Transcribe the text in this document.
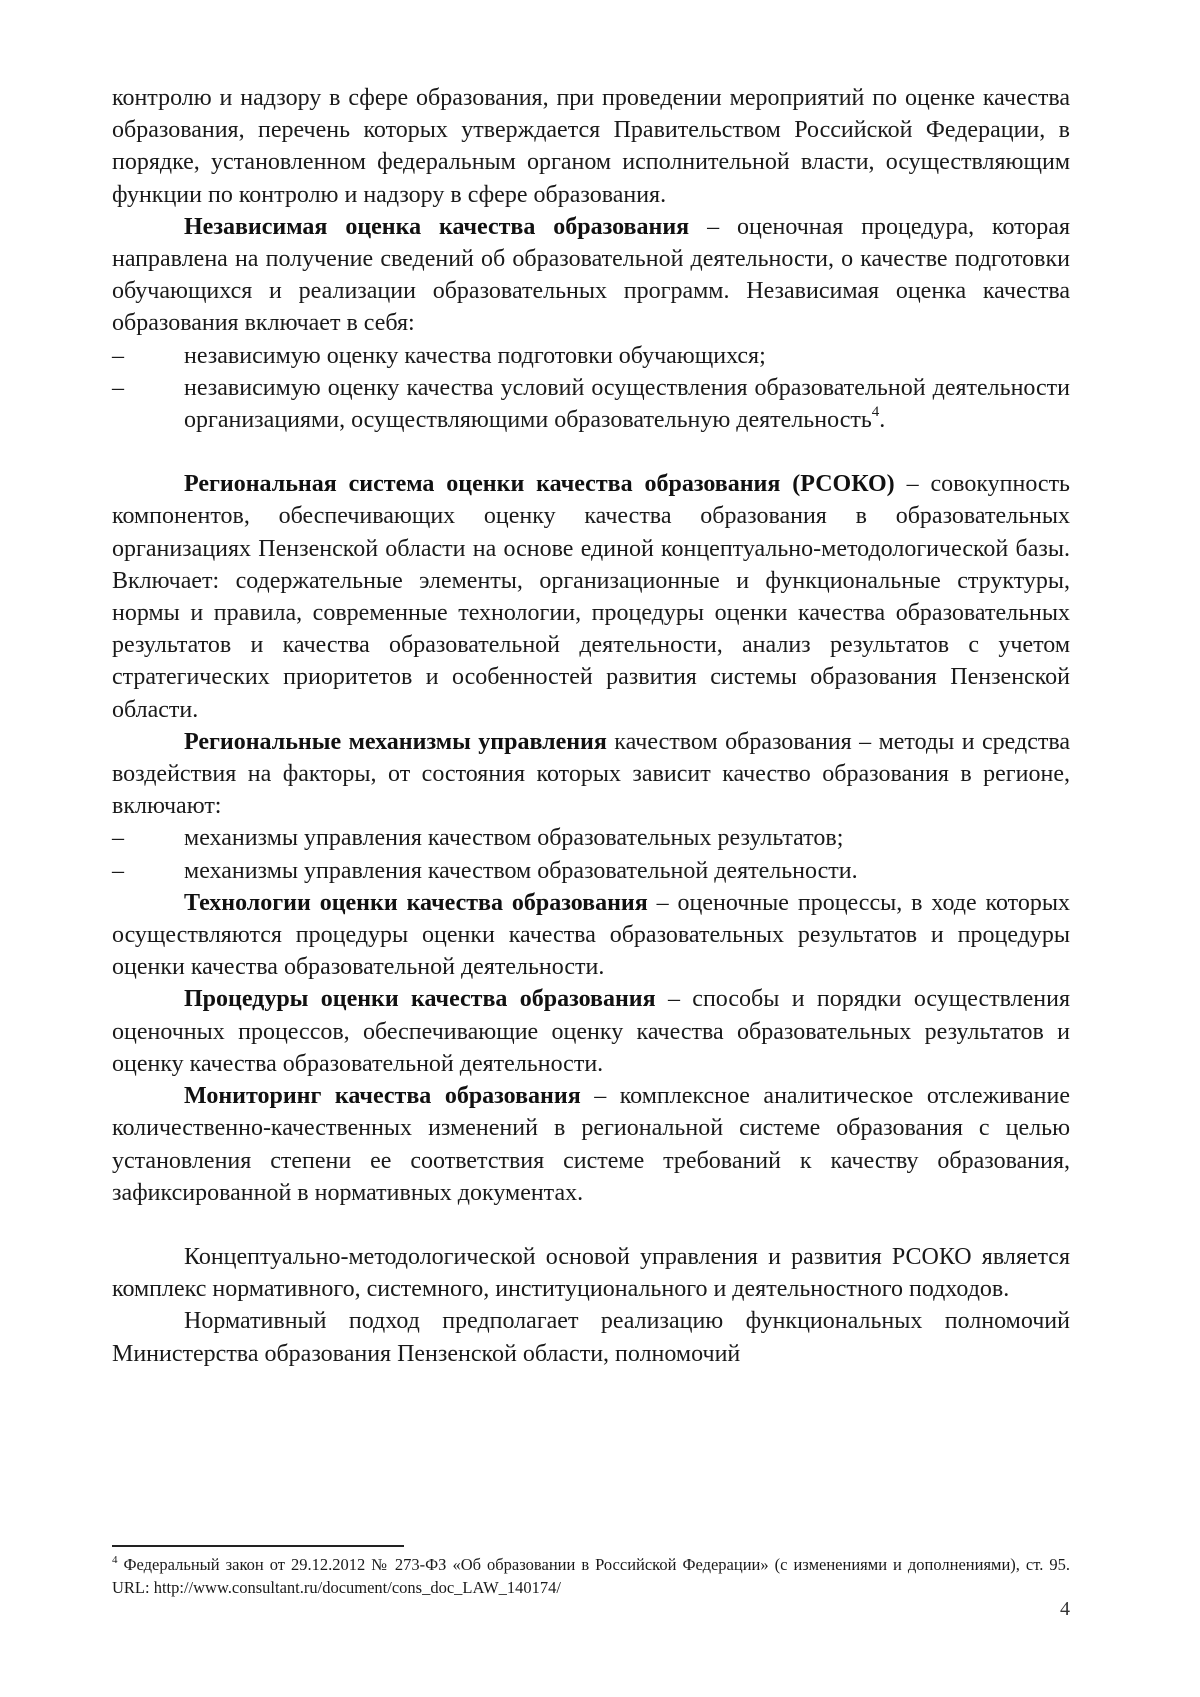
контролю и надзору в сфере образования, при проведении мероприятий по оценке качества образования, перечень которых утверждается Правительством Российской Федерации, в порядке, установленном федеральным органом исполнительной власти, осуществляющим функции по контролю и надзору в сфере образования.

Независимая оценка качества образования – оценочная процедура, которая направлена на получение сведений об образовательной деятельности, о качестве подготовки обучающихся и реализации образовательных программ. Независимая оценка качества образования включает в себя:

–	независимую оценку качества подготовки обучающихся;

–	независимую оценку качества условий осуществления образовательной деятельности организациями, осуществляющими образовательную деятельность$^4$.

Региональная система оценки качества образования (РСОКО) – совокупность компонентов, обеспечивающих оценку качества образования в образовательных организациях Пензенской области на основе единой концептуально-методологической базы. Включает: содержательные элементы, организационные и функциональные структуры, нормы и правила, современные технологии, процедуры оценки качества образовательных результатов и качества образовательной деятельности, анализ результатов с учетом стратегических приоритетов и особенностей развития системы образования Пензенской области.

Региональные механизмы управления качеством образования – методы и средства воздействия на факторы, от состояния которых зависит качество образования в регионе, включают:

–	механизмы управления качеством образовательных результатов;

–	механизмы управления качеством образовательной деятельности.

Технологии оценки качества образования – оценочные процессы, в ходе которых осуществляются процедуры оценки качества образовательных результатов и процедуры оценки качества образовательной деятельности.

Процедуры оценки качества образования – способы и порядки осуществления оценочных процессов, обеспечивающие оценку качества образовательных результатов и оценку качества образовательной деятельности.

Мониторинг качества образования – комплексное аналитическое отслеживание количественно-качественных изменений в региональной системе образования с целью установления степени ее соответствия системе требований к качеству образования, зафиксированной в нормативных документах.

Концептуально-методологической основой управления и развития РСОКО является комплекс нормативного, системного, институционального и деятельностного подходов.

Нормативный подход предполагает реализацию функциональных полномочий Министерства образования Пензенской области, полномочий

$^4$ Федеральный закон от 29.12.2012 № 273-ФЗ «Об образовании в Российской Федерации» (с изменениями и дополнениями), ст. 95. URL: http://www.consultant.ru/document/cons_doc_LAW_140174/

4
